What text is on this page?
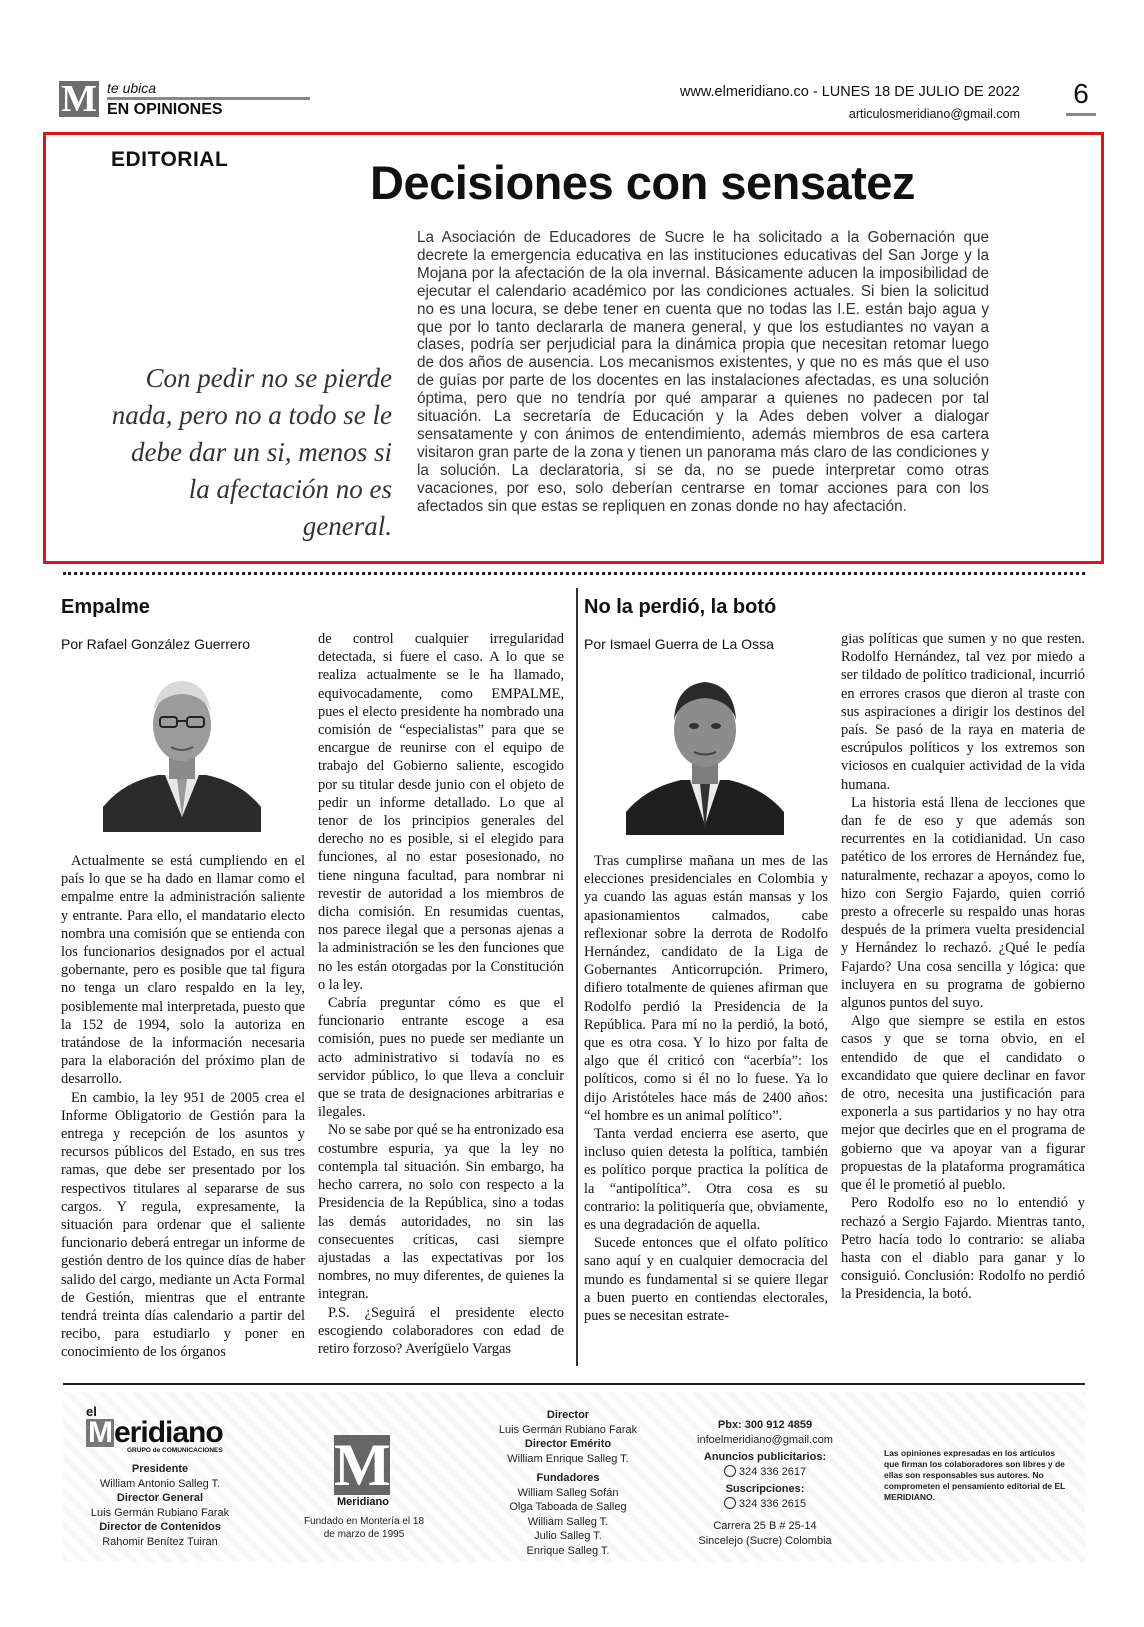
M te ubica
EN OPINIONES
www.elmeridiano.co - LUNES 18 DE JULIO DE 2022
articulosmeridiano@gmail.com
6
EDITORIAL	Decisiones con sensatez
Con pedir no se pierde nada, pero no a todo se le debe dar un si, menos si la afectación no es general.
La Asociación de Educadores de Sucre le ha solicitado a la Gobernación que decrete la emergencia educativa en las instituciones educativas del San Jorge y la Mojana por la afectación de la ola invernal. Básicamente aducen la imposibilidad de ejecutar el calendario académico por las condiciones actuales. Si bien la solicitud no es una locura, se debe tener en cuenta que no todas las I.E. están bajo agua y que por lo tanto declararla de manera general, y que los estudiantes no vayan a clases, podría ser perjudicial para la dinámica propia que necesitan retomar luego de dos años de ausencia. Los mecanismos existentes, y que no es más que el uso de guías por parte de los docentes en las instalaciones afectadas, es una solución óptima, pero que no tendría por qué amparar a quienes no padecen por tal situación. La secretaría de Educación y la Ades deben volver a dialogar sensatamente y con ánimos de entendimiento, además miembros de esa cartera visitaron gran parte de la zona y tienen un panorama más claro de las condiciones y la solución. La declaratoria, si se da, no se puede interpretar como otras vacaciones, por eso, solo deberían centrarse en tomar acciones para con los afectados sin que estas se repliquen en zonas donde no hay afectación.
Empalme
Por Rafael González Guerrero

Actualmente se está cumpliendo en el país lo que se ha dado en llamar como el empalme entre la administración saliente y entrante. Para ello, el mandatario electo nombra una comisión que se entienda con los funcionarios designados por el actual gobernante, pero es posible que tal figura no tenga un claro respaldo en la ley, posiblemente mal interpretada, puesto que la 152 de 1994, solo la autoriza en tratándose de la información necesaria para la elaboración del próximo plan de desarrollo.

En cambio, la ley 951 de 2005 crea el Informe Obligatorio de Gestión para la entrega y recepción de los asuntos y recursos públicos del Estado, en sus tres ramas, que debe ser presentado por los respectivos titulares al separarse de sus cargos. Y regula, expresamente, la situación para ordenar que el saliente funcionario deberá entregar un informe de gestión dentro de los quince días de haber salido del cargo, mediante un Acta Formal de Gestión, mientras que el entrante tendrá treinta días calendario a partir del recibo, para estudiarlo y poner en conocimiento de los órganos

de control cualquier irregularidad detectada, si fuere el caso. A lo que se realiza actualmente se le ha llamado, equivocadamente, como EMPALME, pues el electo presidente ha nombrado una comisión de “especialistas” para que se encargue de reunirse con el equipo de trabajo del Gobierno saliente, escogido por su titular desde junio con el objeto de pedir un informe detallado. Lo que al tenor de los principios generales del derecho no es posible, si el elegido para funciones, al no estar posesionado, no tiene ninguna facultad, para nombrar ni revestir de autoridad a los miembros de dicha comisión. En resumidas cuentas, nos parece ilegal que a personas ajenas a la administración se les den funciones que no les están otorgadas por la Constitución o la ley.

Cabría preguntar cómo es que el funcionario entrante escoge a esa comisión, pues no puede ser mediante un acto administrativo si todavía no es servidor público, lo que lleva a concluir que se trata de designaciones arbitrarias e ilegales.

No se sabe por qué se ha entronizado esa costumbre espuria, ya que la ley no contempla tal situación. Sin embargo, ha hecho carrera, no solo con respecto a la Presidencia de la República, sino a todas las demás autoridades, no sin las consecuentes críticas, casi siempre ajustadas a las expectativas por los nombres, no muy diferentes, de quienes la integran.

P.S. ¿Seguirá el presidente electo escogiendo colaboradores con edad de retiro forzoso? Averígüelo Vargas

No la perdió, la botó
Por Ismael Guerra de La Ossa

Tras cumplirse mañana un mes de las elecciones presidenciales en Colombia y ya cuando las aguas están mansas y los apasionamientos calmados, cabe reflexionar sobre la derrota de Rodolfo Hernández, candidato de la Liga de Gobernantes Anticorrupción. Primero, difiero totalmente de quienes afirman que Rodolfo perdió la Presidencia de la República. Para mí no la perdió, la botó, que es otra cosa. Y lo hizo por falta de algo que él criticó con “acerbía”: los políticos, como si él no lo fuese. Ya lo dijo Aristóteles hace más de 2400 años: “el hombre es un animal político”.

Tanta verdad encierra ese aserto, que incluso quien detesta la política, también es político porque practica la política de la “antipolítica”. Otra cosa es su contrario: la politiquería que, obviamente, es una degradación de aquella.

Sucede entonces que el olfato político sano aquí y en cualquier democracia del mundo es fundamental si se quiere llegar a buen puerto en contiendas electorales, pues se necesitan estrate-

gias políticas que sumen y no que resten. Rodolfo Hernández, tal vez por miedo a ser tildado de político tradicional, incurrió en errores crasos que dieron al traste con sus aspiraciones a dirigir los destinos del país. Se pasó de la raya en materia de escrúpulos políticos y los extremos son viciosos en cualquier actividad de la vida humana.

La historia está llena de lecciones que dan fe de eso y que además son recurrentes en la cotidianidad. Un caso patético de los errores de Hernández fue, naturalmente, rechazar a apoyos, como lo hizo con Sergio Fajardo, quien corrió presto a ofrecerle su respaldo unas horas después de la primera vuelta presidencial y Hernández lo rechazó. ¿Qué le pedía Fajardo? Una cosa sencilla y lógica: que incluyera en su programa de gobierno algunos puntos del suyo.

Algo que siempre se estila en estos casos y que se torna obvio, en el entendido de que el candidato o excandidato que quiere declinar en favor de otro, necesita una justificación para exponerla a sus partidarios y no hay otra mejor que decirles que en el programa de gobierno que va apoyar van a figurar propuestas de la plataforma programática que él le prometió al pueblo.

Pero Rodolfo eso no lo entendió y rechazó a Sergio Fajardo. Mientras tanto, Petro hacía todo lo contrario: se aliaba hasta con el diablo para ganar y lo consiguió. Conclusión: Rodolfo no perdió la Presidencia, la botó.

el
Meridiano
GRUPO de COMUNICACIONES
Presidente
William Antonio Salleg T.
Director General
Luis Germán Rubiano Farak
Director de Contenidos
Rahomir Benítez Tuiran
M
Meridiano
Fundado en Montería el 18 de marzo de 1995
Director
Luis Germán Rubiano Farak
Director Emérito
William Enrique Salleg T.
Fundadores
William Salleg Sofán
Olga Taboada de Salleg
William Salleg T.
Julio Salleg T.
Enrique Salleg T.
Pbx: 300 912 4859
infoelmeridiano@gmail.com
Anuncios publicitarios:
324 336 2617
Suscripciones:
324 336 2615
Carrera 25 B # 25-14
Sincelejo (Sucre) Colombia
Las opiniones expresadas en los artículos que firman los colaboradores son libres y de ellas son responsables sus autores. No comprometen el pensamiento editorial de EL MERIDIANO.
